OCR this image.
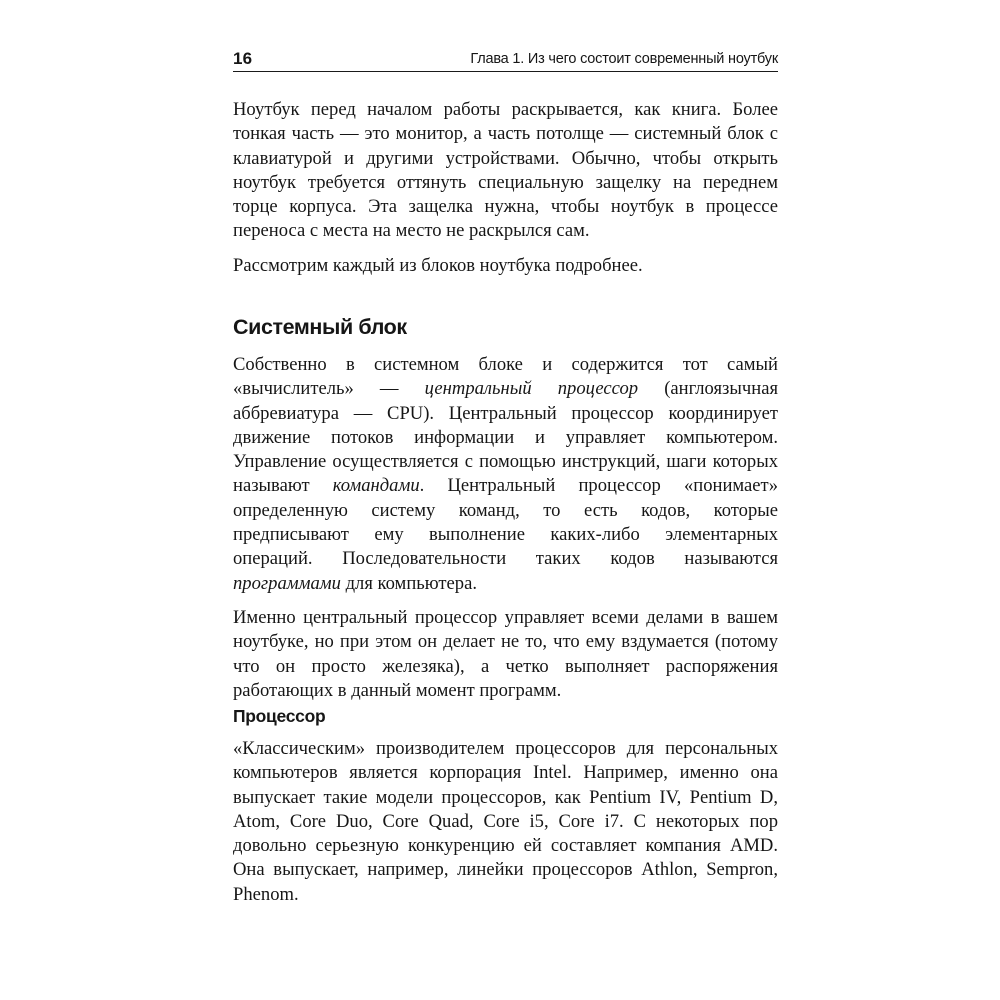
16	Глава 1. Из чего состоит современный ноутбук

Ноутбук перед началом работы раскрывается, как книга. Более тонкая часть — это монитор, а часть потолще — системный блок с клавиатурой и другими устройствами. Обычно, чтобы открыть ноутбук требуется оттянуть специальную защелку на переднем торце корпуса. Эта защелка нужна, чтобы ноутбук в процессе переноса с места на место не раскрылся сам.

Рассмотрим каждый из блоков ноутбука подробнее.

Системный блок

Собственно в системном блоке и содержится тот самый «вычислитель» — центральный процессор (англоязычная аббревиатура — CPU). Центральный процессор координирует движение потоков информации и управляет компьютером. Управление осуществляется с помощью инструкций, шаги которых называют командами. Центральный процессор «понимает» определенную систему команд, то есть кодов, которые предписывают ему выполнение каких-либо элементарных операций. Последовательности таких кодов называются программами для компьютера.

Именно центральный процессор управляет всеми делами в вашем ноутбуке, но при этом он делает не то, что ему вздумается (потому что он просто железяка), а четко выполняет распоряжения работающих в данный момент программ.

Процессор

«Классическим» производителем процессоров для персональных компьютеров является корпорация Intel. Например, именно она выпускает такие модели процессоров, как Pentium IV, Pentium D, Atom, Core Duo, Core Quad, Core i5, Core i7. С некоторых пор довольно серьезную конкуренцию ей составляет компания AMD. Она выпускает, например, линейки процессоров Athlon, Sempron, Phenom.
